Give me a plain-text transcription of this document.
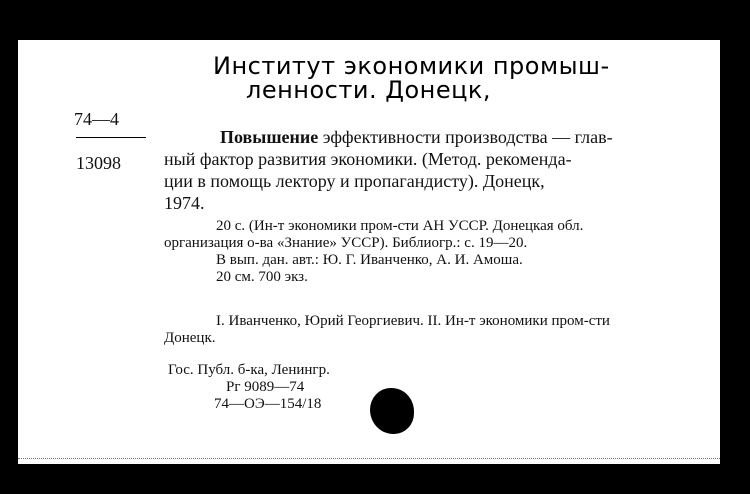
Институт экономики промыш-
ленности. Донецк,
74—4
13098
Повышение эффективности производства — глав-
ный фактор развития экономики. (Метод. рекоменда-
ции в помощь лектору и пропагандисту). Донецк,
1974.
20 с. (Ин-т экономики пром-сти АН УССР. Донецкая обл.
организация о-ва «Знание» УССР). Библиогр.: с. 19—20.
В вып. дан. авт.: Ю. Г. Иванченко, А. И. Амоша.
20 см. 700 экз.
I. Иванченко, Юрий Георгиевич. II. Ин-т экономики пром-сти
Донецк.
Гос. Публ. б-ка, Ленингр.
Рг 9089—74
74—ОЭ—154/18
